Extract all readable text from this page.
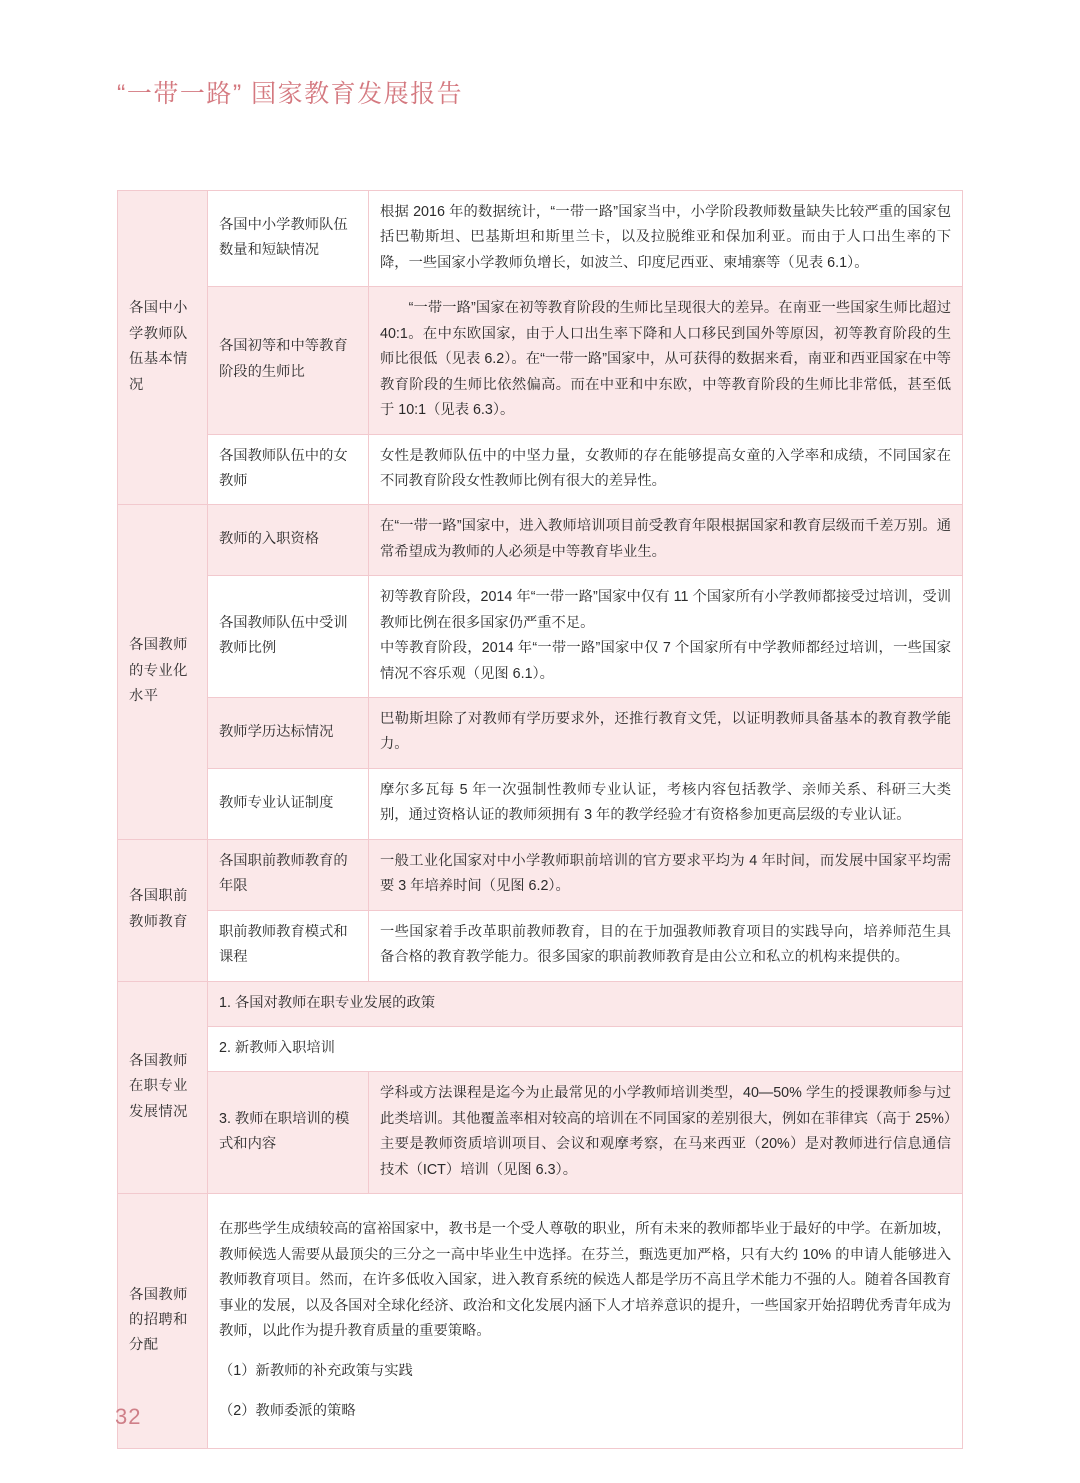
“一带一路” 国家教育发展报告
各国中小学教师队伍基本情况	各国中小学教师队伍数量和短缺情况	根据 2016 年的数据统计，“一带一路”国家当中，小学阶段教师数量缺失比较严重的国家包括巴勒斯坦、巴基斯坦和斯里兰卡，以及拉脱维亚和保加利亚。而由于人口出生率的下降，一些国家小学教师负增长，如波兰、印度尼西亚、柬埔寨等（见表 6.1）。

	各国初等和中等教育阶段的生师比	“一带一路”国家在初等教育阶段的生师比呈现很大的差异。在南亚一些国家生师比超过 40:1。在中东欧国家，由于人口出生率下降和人口移民到国外等原因，初等教育阶段的生师比很低（见表 6.2）。在“一带一路”国家中，从可获得的数据来看，南亚和西亚国家在中等教育阶段的生师比依然偏高。而在中亚和中东欧，中等教育阶段的生师比非常低，甚至低于 10:1（见表 6.3）。

	各国教师队伍中的女教师	女性是教师队伍中的中坚力量，女教师的存在能够提高女童的入学率和成绩，不同国家在不同教育阶段女性教师比例有很大的差异性。

各国教师的专业化水平	教师的入职资格	在“一带一路”国家中，进入教师培训项目前受教育年限根据国家和教育层级而千差万别。通常希望成为教师的人必须是中等教育毕业生。

	各国教师队伍中受训教师比例	初等教育阶段，2014 年“一带一路”国家中仅有 11 个国家所有小学教师都接受过培训，受训教师比例在很多国家仍严重不足。

中等教育阶段，2014 年“一带一路”国家中仅 7 个国家所有中学教师都经过培训，一些国家情况不容乐观（见图 6.1）。

	教师学历达标情况	巴勒斯坦除了对教师有学历要求外，还推行教育文凭，以证明教师具备基本的教育教学能力。

	教师专业认证制度	摩尔多瓦每 5 年一次强制性教师专业认证，考核内容包括教学、亲师关系、科研三大类别，通过资格认证的教师须拥有 3 年的教学经验才有资格参加更高层级的专业认证。

各国职前教师教育	各国职前教师教育的年限	一般工业化国家对中小学教师职前培训的官方要求平均为 4 年时间，而发展中国家平均需要 3 年培养时间（见图 6.2）。

	职前教师教育模式和课程	一些国家着手改革职前教师教育，目的在于加强教师教育项目的实践导向，培养师范生具备合格的教育教学能力。很多国家的职前教师教育是由公立和私立的机构来提供的。

各国教师在职专业发展情况	1. 各国对教师在职专业发展的政策	
	2. 新教师入职培训	
	3. 教师在职培训的模式和内容	学科或方法课程是迄今为止最常见的小学教师培训类型，40—50% 学生的授课教师参与过此类培训。其他覆盖率相对较高的培训在不同国家的差别很大，例如在菲律宾（高于 25%）主要是教师资质培训项目、会议和观摩考察，在马来西亚（20%）是对教师进行信息通信技术（ICT）培训（见图 6.3）。

各国教师的招聘和分配	在那些学生成绩较高的富裕国家中，教书是一个受人尊敬的职业，所有未来的教师都毕业于最好的中学。在新加坡，教师候选人需要从最顶尖的三分之一高中毕业生中选择。在芬兰，甄选更加严格，只有大约 10% 的申请人能够进入教师教育项目。然而，在许多低收入国家，进入教育系统的候选人都是学历不高且学术能力不强的人。随着各国教育事业的发展，以及各国对全球化经济、政治和文化发展内涵下人才培养意识的提升，一些国家开始招聘优秀青年成为教师，以此作为提升教育质量的重要策略。

（1）新教师的补充政策与实践

（2）教师委派的策略	

32
